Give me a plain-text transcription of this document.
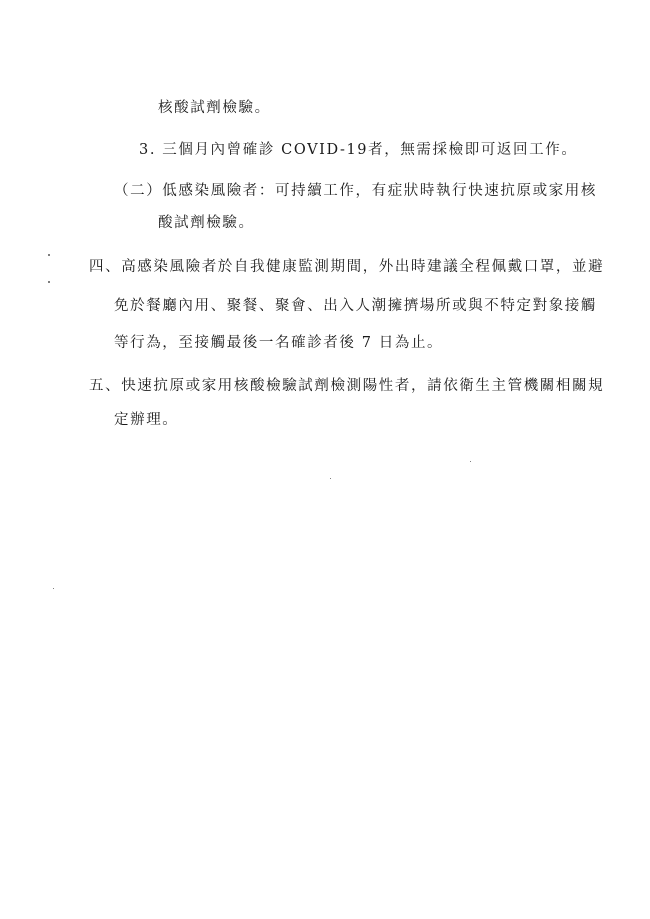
核酸試劑檢驗。
3. 三個月內曾確診 COVID-19者，無需採檢即可返回工作。
（二）低感染風險者：可持續工作，有症狀時執行快速抗原或家用核
酸試劑檢驗。
四、高感染風險者於自我健康監測期間，外出時建議全程佩戴口罩，並避
免於餐廳內用、聚餐、聚會、出入人潮擁擠場所或與不特定對象接觸
等行為，至接觸最後一名確診者後 7 日為止。
五、快速抗原或家用核酸檢驗試劑檢測陽性者，請依衛生主管機關相關規
定辦理。
